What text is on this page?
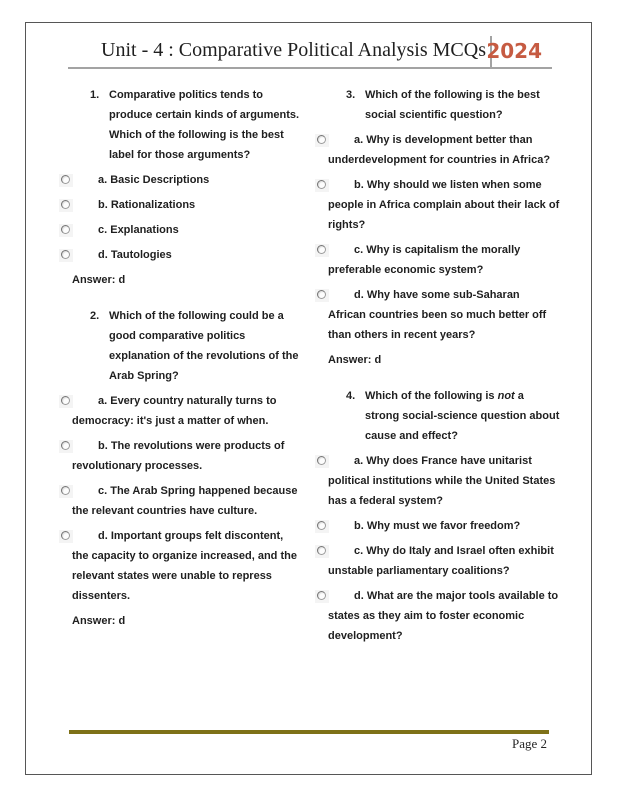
Unit - 4 : Comparative Political Analysis MCQs 2024
1. Comparative politics tends to produce certain kinds of arguments. Which of the following is the best label for those arguments?
a. Basic Descriptions
b. Rationalizations
c. Explanations
d. Tautologies
Answer: d
2. Which of the following could be a good comparative politics explanation of the revolutions of the Arab Spring?
a. Every country naturally turns to democracy: it's just a matter of when.
b. The revolutions were products of revolutionary processes.
c. The Arab Spring happened because the relevant countries have culture.
d. Important groups felt discontent, the capacity to organize increased, and the relevant states were unable to repress dissenters.
Answer: d
3. Which of the following is the best social scientific question?
a. Why is development better than underdevelopment for countries in Africa?
b. Why should we listen when some people in Africa complain about their lack of rights?
c. Why is capitalism the morally preferable economic system?
d. Why have some sub-Saharan African countries been so much better off than others in recent years?
Answer: d
4. Which of the following is not a strong social-science question about cause and effect?
a. Why does France have unitarist political institutions while the United States has a federal system?
b. Why must we favor freedom?
c. Why do Italy and Israel often exhibit unstable parliamentary coalitions?
d. What are the major tools available to states as they aim to foster economic development?
Page 2
